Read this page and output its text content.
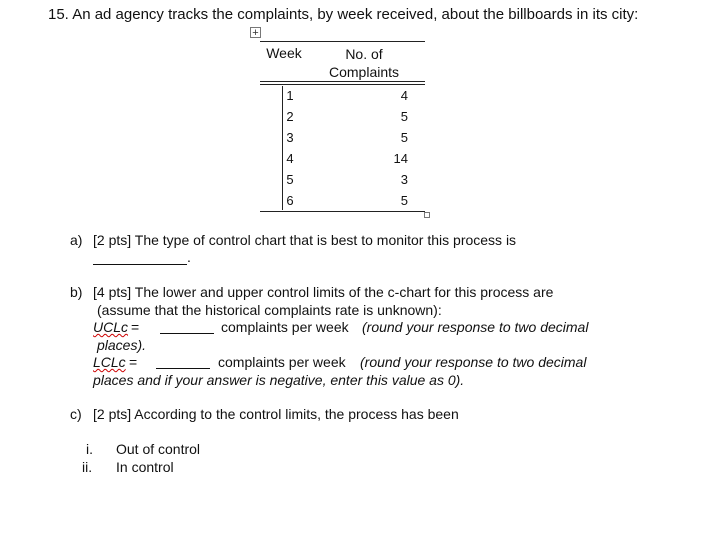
15. An ad agency tracks the complaints, by week received, about the billboards in its city:
+
Week	No. of
Complaints
1	4
2	5
3	5
4	14
5	3
6	5
a) [2 pts] The type of control chart that is best to monitor this process is
.
b) [4 pts] The lower and upper control limits of the c-chart for this process are
(assume that the historical complaints rate is unknown):
UCLc =	complaints per week (round your response to two decimal
places).
LCLc =	complaints per week (round your response to two decimal
places and if your answer is negative, enter this value as 0).
c) [2 pts] According to the control limits, the process has been
i. Out of control
ii. In control
